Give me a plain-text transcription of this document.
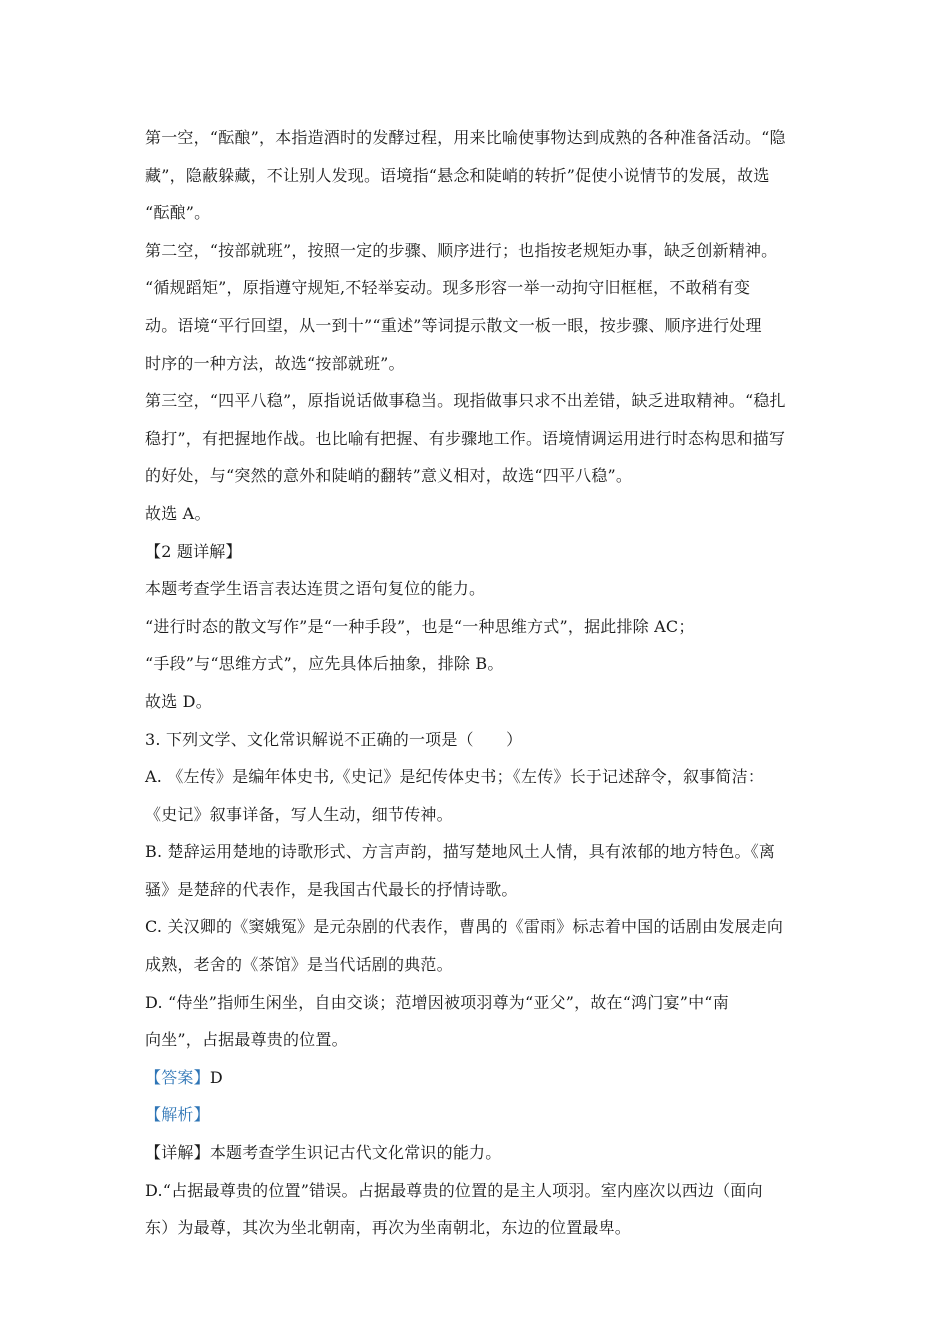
第一空，“酝酿”，本指造酒时的发酵过程，用来比喻使事物达到成熟的各种准备活动。“隐
藏”，隐蔽躲藏，不让别人发现。语境指“悬念和陡峭的转折”促使小说情节的发展，故选
“酝酿”。
第二空，“按部就班”，按照一定的步骤、顺序进行；也指按老规矩办事，缺乏创新精神。
“循规蹈矩”，原指遵守规矩,不轻举妄动。现多形容一举一动拘守旧框框，不敢稍有变
动。语境“平行回望，从一到十”“重述”等词提示散文一板一眼，按步骤、顺序进行处理
时序的一种方法，故选“按部就班”。
第三空，“四平八稳”，原指说话做事稳当。现指做事只求不出差错，缺乏进取精神。“稳扎
稳打”，有把握地作战。也比喻有把握、有步骤地工作。语境情调运用进行时态构思和描写
的好处，与“突然的意外和陡峭的翻转”意义相对，故选“四平八稳”。
故选 A。
【2 题详解】
本题考查学生语言表达连贯之语句复位的能力。
“进行时态的散文写作”是“一种手段”，也是“一种思维方式”，据此排除 AC；
“手段”与“思维方式”，应先具体后抽象，排除 B。
故选 D。
3. 下列文学、文化常识解说不正确的一项是（　　）
A. 《左传》是编年体史书,《史记》是纪传体史书；《左传》长于记述辞令，叙事简洁：
《史记》叙事详备，写人生动，细节传神。
B. 楚辞运用楚地的诗歌形式、方言声韵，描写楚地风土人情，具有浓郁的地方特色。《离
骚》是楚辞的代表作，是我国古代最长的抒情诗歌。
C. 关汉卿的《窦娥冤》是元杂剧的代表作，曹禺的《雷雨》标志着中国的话剧由发展走向
成熟，老舍的《茶馆》是当代话剧的典范。
D. “侍坐”指师生闲坐，自由交谈；范增因被项羽尊为“亚父”，故在“鸿门宴”中“南
向坐”，占据最尊贵的位置。
【答案】D
【解析】
【详解】本题考查学生识记古代文化常识的能力。
D.“占据最尊贵的位置”错误。占据最尊贵的位置的是主人项羽。室内座次以西边（面向
东）为最尊，其次为坐北朝南，再次为坐南朝北，东边的位置最卑。
